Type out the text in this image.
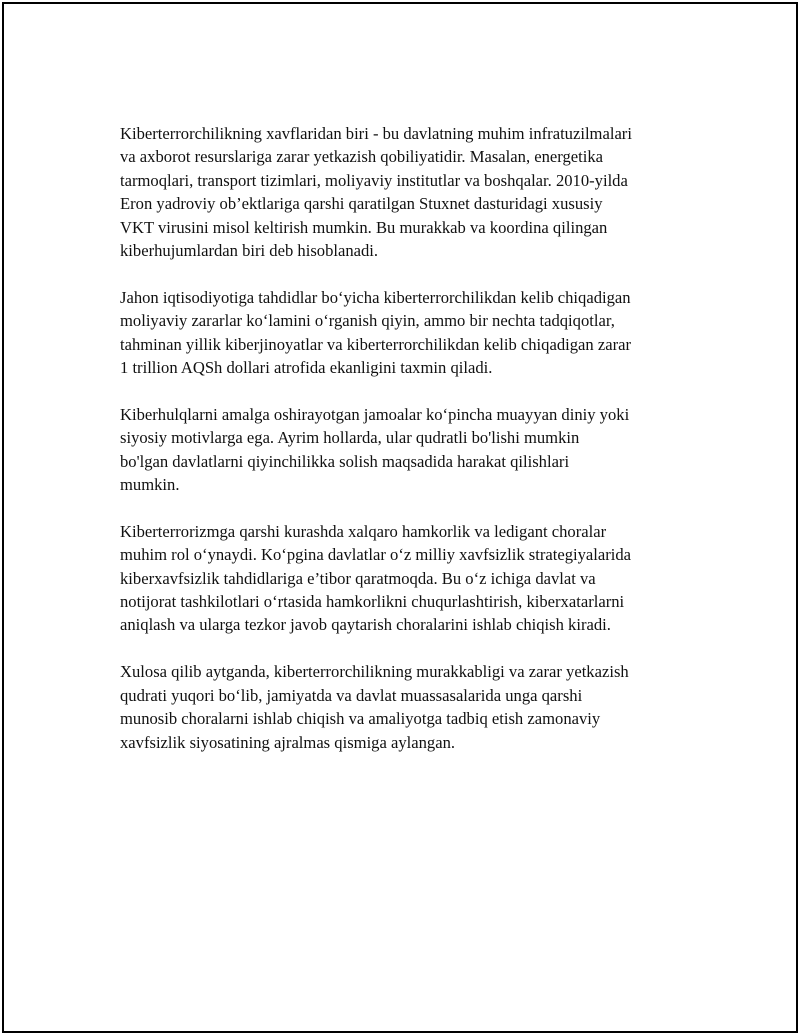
Kiberterrorchilikning xavflaridan biri - bu davlatning muhim infratuzilmalari
va axborot resurslariga zarar yetkazish qobiliyatidir. Masalan, energetika
tarmoqlari, transport tizimlari, moliyaviy institutlar va boshqalar. 2010-yilda
Eron yadroviy ob’ektlariga qarshi qaratilgan Stuxnet dasturidagi xususiy
VKT virusini misol keltirish mumkin. Bu murakkab va koordina qilingan
kiberhujumlardan biri deb hisoblanadi.

Jahon iqtisodiyotiga tahdidlar bo‘yicha kiberterrorchilikdan kelib chiqadigan
moliyaviy zararlar ko‘lamini o‘rganish qiyin, ammo bir nechta tadqiqotlar,
tahminan yillik kiberjinoyatlar va kiberterrorchilikdan kelib chiqadigan zarar
1 trillion AQSh dollari atrofida ekanligini taxmin qiladi.

Kiberhulqlarni amalga oshirayotgan jamoalar ko‘pincha muayyan diniy yoki
siyosiy motivlarga ega. Ayrim hollarda, ular qudratli bo'lishi mumkin
bo'lgan davlatlarni qiyinchilikka solish maqsadida harakat qilishlari
mumkin.

Kiberterrorizmga qarshi kurashda xalqaro hamkorlik va ledigant choralar
muhim rol o‘ynaydi. Ko‘pgina davlatlar o‘z milliy xavfsizlik strategiyalarida
kiberxavfsizlik tahdidlariga e’tibor qaratmoqda. Bu o‘z ichiga davlat va
notijorat tashkilotlari o‘rtasida hamkorlikni chuqurlashtirish, kiberxatarlarni
aniqlash va ularga tezkor javob qaytarish choralarini ishlab chiqish kiradi.

Xulosa qilib aytganda, kiberterrorchilikning murakkabligi va zarar yetkazish
qudrati yuqori bo‘lib, jamiyatda va davlat muassasalarida unga qarshi
munosib choralarni ishlab chiqish va amaliyotga tadbiq etish zamonaviy
xavfsizlik siyosatining ajralmas qismiga aylangan.
